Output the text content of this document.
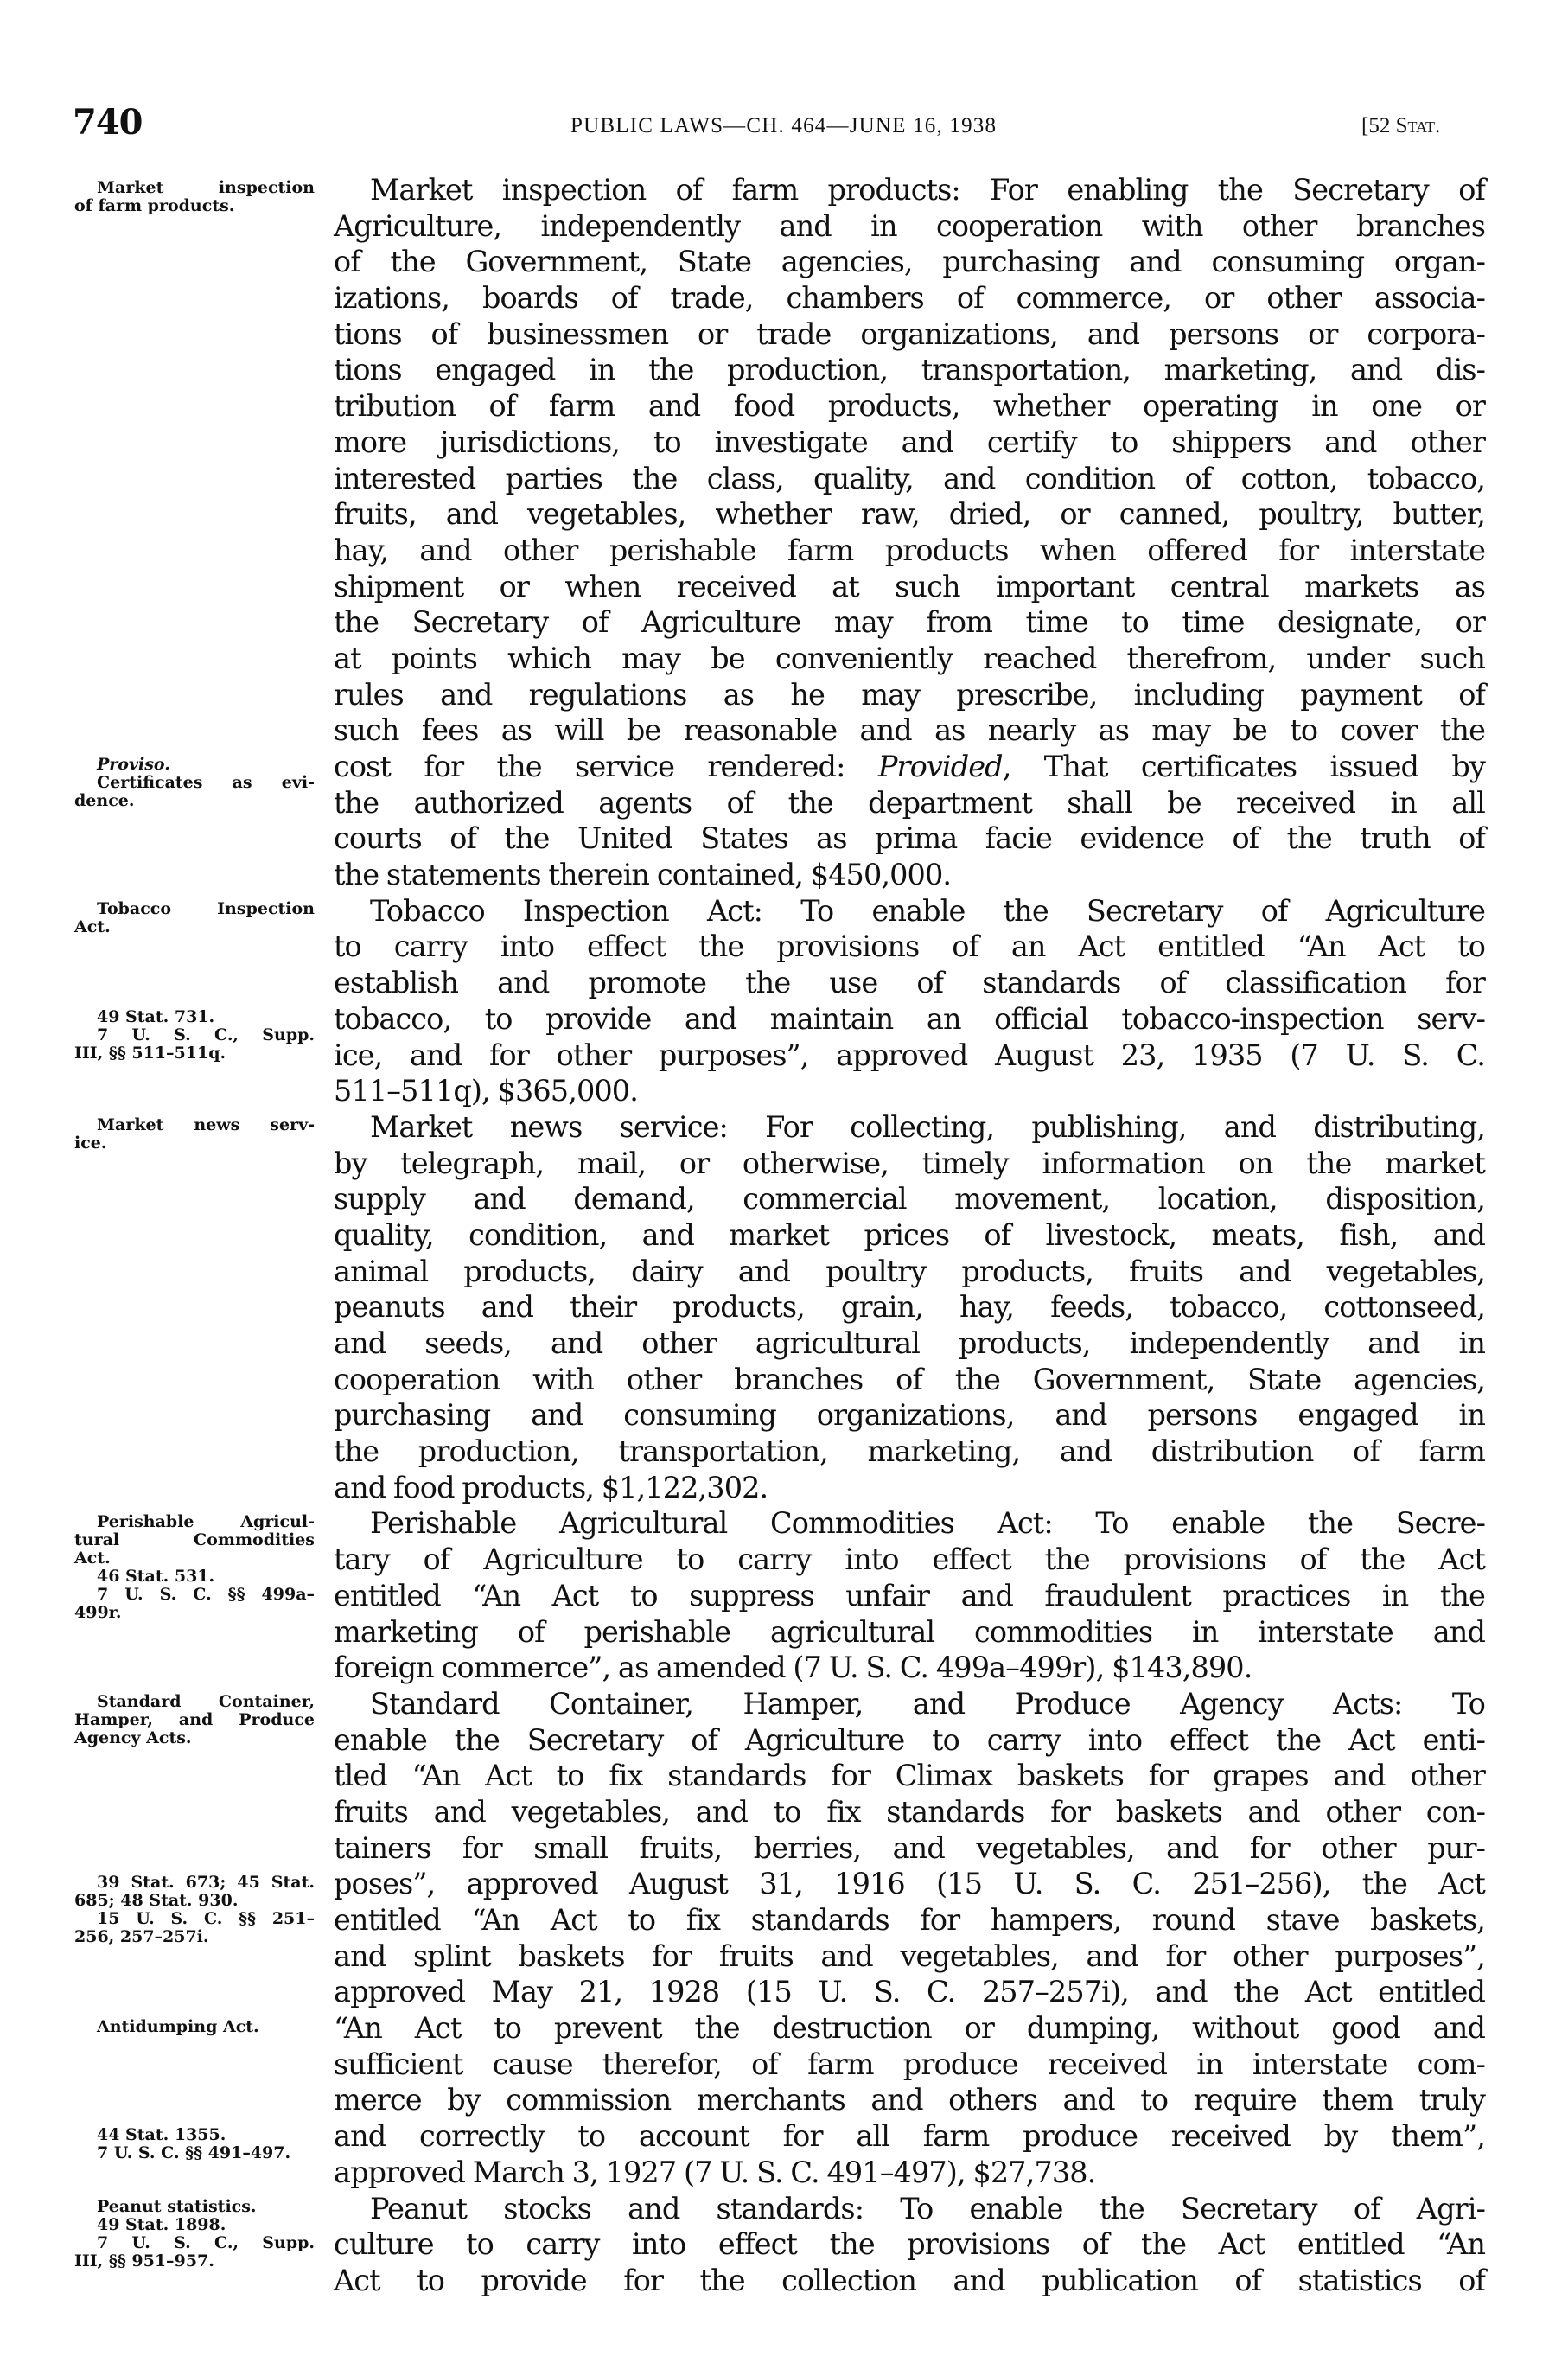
740	PUBLIC LAWS—CH. 464—JUNE 16, 1938	[52 Stat.
Market inspection
of farm products.
Proviso.
Certificates as evi-
dence.
Tobacco Inspection
Act.
49 Stat. 731.
7 U. S. C., Supp.
III, §§ 511–511q.
Market news serv-
ice.
Perishable Agricul-
tural Commodities
Act.
46 Stat. 531.
7 U. S. C. §§ 499a–
499r.
Standard Container,
Hamper, and Produce
Agency Acts.
39 Stat. 673; 45 Stat.
685; 48 Stat. 930.
15 U. S. C. §§ 251–
256, 257–257i.
Antidumping Act.
44 Stat. 1355.
7 U. S. C. §§ 491–497.
Peanut statistics.
49 Stat. 1898.
7 U. S. C., Supp.
III, §§ 951–957.
Market inspection of farm products: For enabling the Secretary of
Agriculture, independently and in cooperation with other branches
of the Government, State agencies, purchasing and consuming organ-
izations, boards of trade, chambers of commerce, or other associa-
tions of businessmen or trade organizations, and persons or corpora-
tions engaged in the production, transportation, marketing, and dis-
tribution of farm and food products, whether operating in one or
more jurisdictions, to investigate and certify to shippers and other
interested parties the class, quality, and condition of cotton, tobacco,
fruits, and vegetables, whether raw, dried, or canned, poultry, butter,
hay, and other perishable farm products when offered for interstate
shipment or when received at such important central markets as
the Secretary of Agriculture may from time to time designate, or
at points which may be conveniently reached therefrom, under such
rules and regulations as he may prescribe, including payment of
such fees as will be reasonable and as nearly as may be to cover the
cost for the service rendered: Provided, That certificates issued by
the authorized agents of the department shall be received in all
courts of the United States as prima facie evidence of the truth of
the statements therein contained, $450,000.
Tobacco Inspection Act: To enable the Secretary of Agriculture
to carry into effect the provisions of an Act entitled “An Act to
establish and promote the use of standards of classification for
tobacco, to provide and maintain an official tobacco-inspection serv-
ice, and for other purposes”, approved August 23, 1935 (7 U. S. C.
511–511q), $365,000.
Market news service: For collecting, publishing, and distributing,
by telegraph, mail, or otherwise, timely information on the market
supply and demand, commercial movement, location, disposition,
quality, condition, and market prices of livestock, meats, fish, and
animal products, dairy and poultry products, fruits and vegetables,
peanuts and their products, grain, hay, feeds, tobacco, cottonseed,
and seeds, and other agricultural products, independently and in
cooperation with other branches of the Government, State agencies,
purchasing and consuming organizations, and persons engaged in
the production, transportation, marketing, and distribution of farm
and food products, $1,122,302.
Perishable Agricultural Commodities Act: To enable the Secre-
tary of Agriculture to carry into effect the provisions of the Act
entitled “An Act to suppress unfair and fraudulent practices in the
marketing of perishable agricultural commodities in interstate and
foreign commerce”, as amended (7 U. S. C. 499a–499r), $143,890.
Standard Container, Hamper, and Produce Agency Acts: To
enable the Secretary of Agriculture to carry into effect the Act enti-
tled “An Act to fix standards for Climax baskets for grapes and other
fruits and vegetables, and to fix standards for baskets and other con-
tainers for small fruits, berries, and vegetables, and for other pur-
poses”, approved August 31, 1916 (15 U. S. C. 251–256), the Act
entitled “An Act to fix standards for hampers, round stave baskets,
and splint baskets for fruits and vegetables, and for other purposes”,
approved May 21, 1928 (15 U. S. C. 257–257i), and the Act entitled
“An Act to prevent the destruction or dumping, without good and
sufficient cause therefor, of farm produce received in interstate com-
merce by commission merchants and others and to require them truly
and correctly to account for all farm produce received by them”,
approved March 3, 1927 (7 U. S. C. 491–497), $27,738.
Peanut stocks and standards: To enable the Secretary of Agri-
culture to carry into effect the provisions of the Act entitled “An
Act to provide for the collection and publication of statistics of
